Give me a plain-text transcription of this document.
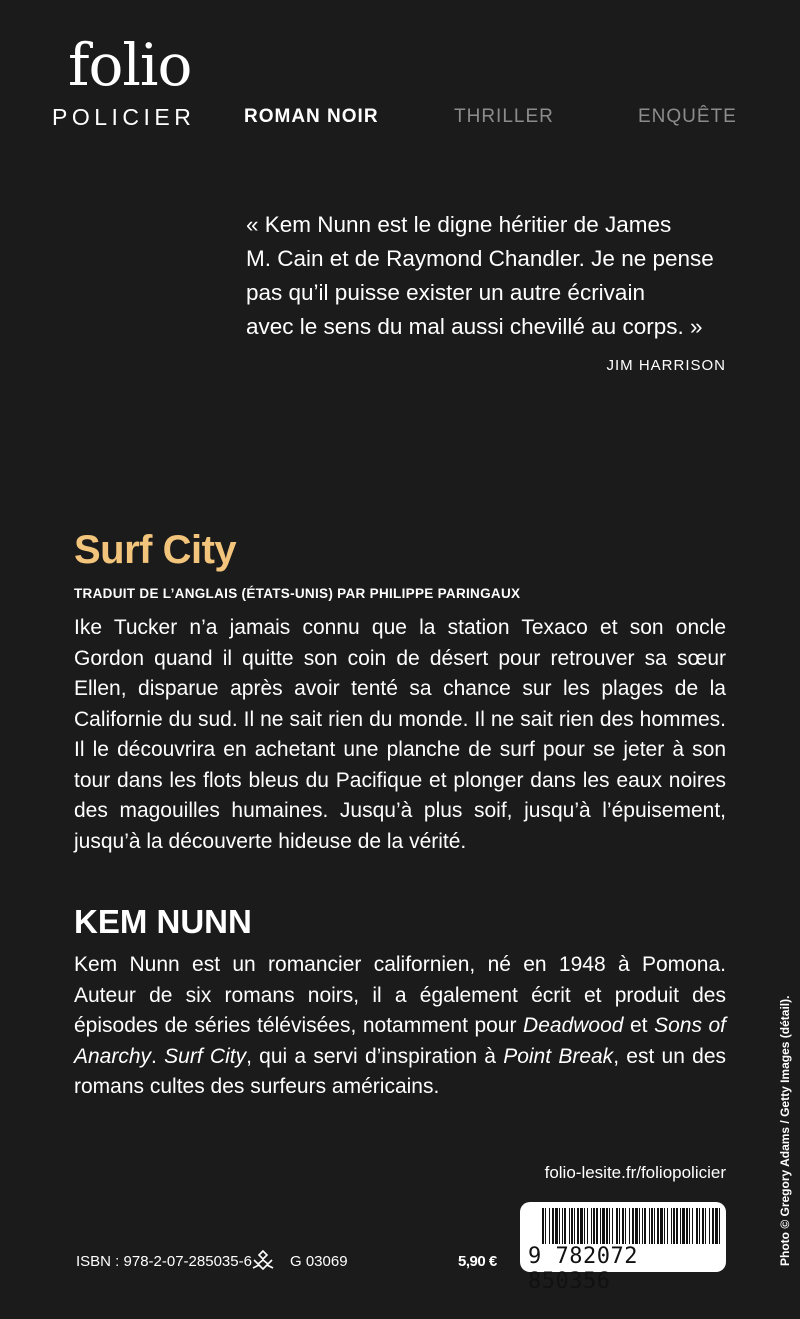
folio
POLICIER	ROMAN NOIR	THRILLER	ENQUÊTE
« Kem Nunn est le digne héritier de James
M. Cain et de Raymond Chandler. Je ne pense
pas qu’il puisse exister un autre écrivain
avec le sens du mal aussi chevillé au corps. »
JIM HARRISON
Surf City
TRADUIT DE L’ANGLAIS (ÉTATS-UNIS) PAR PHILIPPE PARINGAUX
Ike Tucker n’a jamais connu que la station Texaco et son oncle Gordon quand il quitte son coin de désert pour retrouver sa sœur Ellen, disparue après avoir tenté sa chance sur les plages de la Californie du sud. Il ne sait rien du monde. Il ne sait rien des hommes. Il le découvrira en achetant une planche de surf pour se jeter à son tour dans les flots bleus du Pacifique et plonger dans les eaux noires des magouilles humaines. Jusqu’à plus soif, jusqu’à l’épuisement, jusqu’à la découverte hideuse de la vérité.
KEM NUNN
Kem Nunn est un romancier californien, né en 1948 à Pomona. Auteur de six romans noirs, il a également écrit et produit des épisodes de séries télévisées, notamment pour Deadwood et Sons of Anarchy. Surf City, qui a servi d’inspiration à Point Break, est un des romans cultes des surfeurs américains.
folio-lesite.fr/foliopolicier
ISBN : 978-2-07-285035-6	G 03069	5,90 € 9 782072 850356
Photo © Gregory Adams / Getty Images (détail).
